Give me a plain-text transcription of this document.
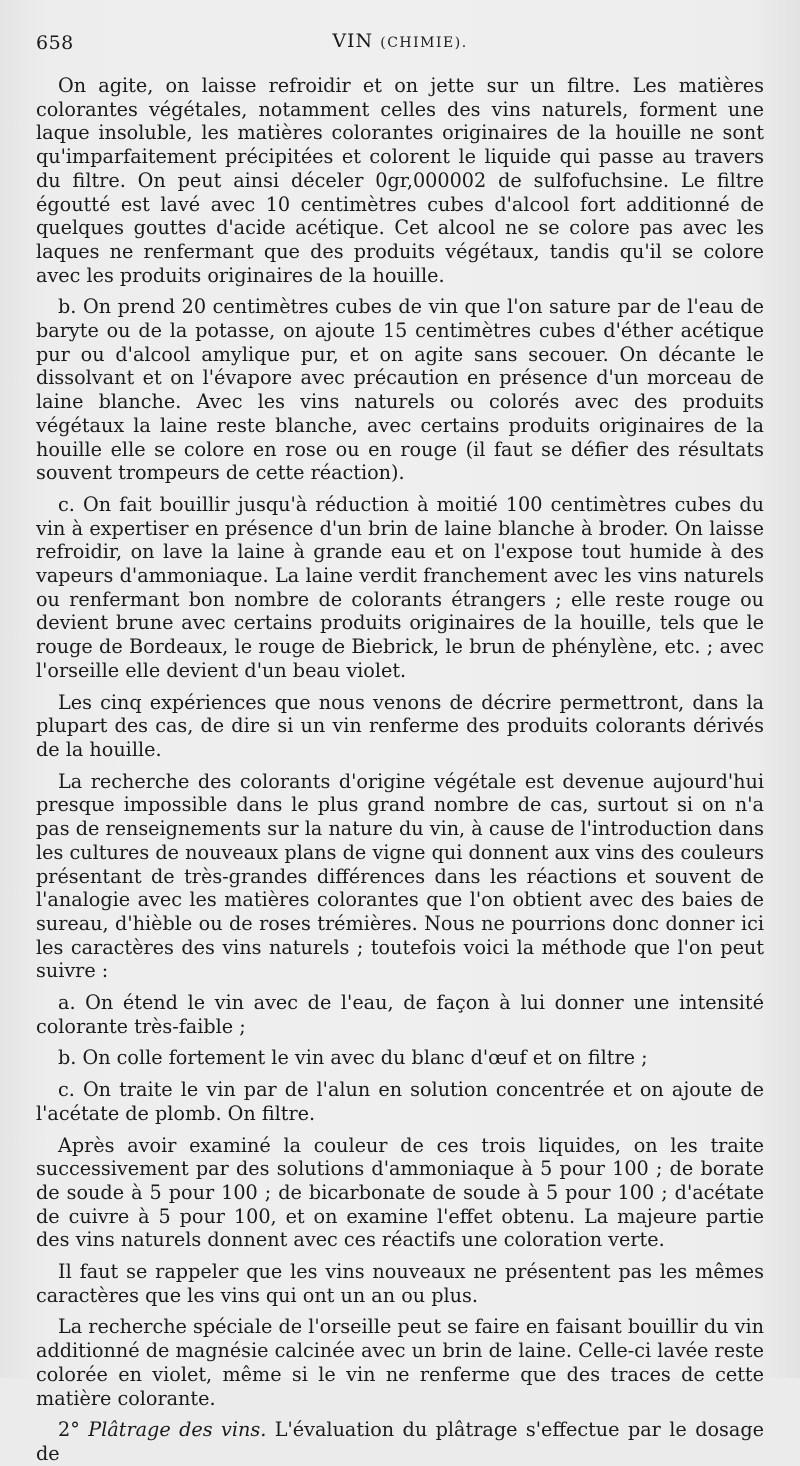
658	VIN (CHIMIE).

On agite, on laisse refroidir et on jette sur un filtre. Les matières colorantes végétales, notamment celles des vins naturels, forment une laque insoluble, les matières colorantes originaires de la houille ne sont qu'imparfaitement précipitées et colorent le liquide qui passe au travers du filtre. On peut ainsi déceler 0gr,000002 de sulfofuchsine. Le filtre égoutté est lavé avec 10 centimètres cubes d'alcool fort additionné de quelques gouttes d'acide acétique. Cet alcool ne se colore pas avec les laques ne renfermant que des produits végétaux, tandis qu'il se colore avec les produits originaires de la houille.

b. On prend 20 centimètres cubes de vin que l'on sature par de l'eau de baryte ou de la potasse, on ajoute 15 centimètres cubes d'éther acétique pur ou d'alcool amylique pur, et on agite sans secouer. On décante le dissolvant et on l'évapore avec précaution en présence d'un morceau de laine blanche. Avec les vins naturels ou colorés avec des produits végétaux la laine reste blanche, avec certains produits originaires de la houille elle se colore en rose ou en rouge (il faut se défier des résultats souvent trompeurs de cette réaction).

c. On fait bouillir jusqu'à réduction à moitié 100 centimètres cubes du vin à expertiser en présence d'un brin de laine blanche à broder. On laisse refroidir, on lave la laine à grande eau et on l'expose tout humide à des vapeurs d'ammoniaque. La laine verdit franchement avec les vins naturels ou renfermant bon nombre de colorants étrangers ; elle reste rouge ou devient brune avec certains produits originaires de la houille, tels que le rouge de Bordeaux, le rouge de Biebrick, le brun de phénylène, etc. ; avec l'orseille elle devient d'un beau violet.

Les cinq expériences que nous venons de décrire permettront, dans la plupart des cas, de dire si un vin renferme des produits colorants dérivés de la houille.

La recherche des colorants d'origine végétale est devenue aujourd'hui presque impossible dans le plus grand nombre de cas, surtout si on n'a pas de renseignements sur la nature du vin, à cause de l'introduction dans les cultures de nouveaux plans de vigne qui donnent aux vins des couleurs présentant de très-grandes différences dans les réactions et souvent de l'analogie avec les matières colorantes que l'on obtient avec des baies de sureau, d'hièble ou de roses trémières. Nous ne pourrions donc donner ici les caractères des vins naturels ; toutefois voici la méthode que l'on peut suivre :

a. On étend le vin avec de l'eau, de façon à lui donner une intensité colorante très-faible ;

b. On colle fortement le vin avec du blanc d'œuf et on filtre ;

c. On traite le vin par de l'alun en solution concentrée et on ajoute de l'acétate de plomb. On filtre.

Après avoir examiné la couleur de ces trois liquides, on les traite successivement par des solutions d'ammoniaque à 5 pour 100 ; de borate de soude à 5 pour 100 ; de bicarbonate de soude à 5 pour 100 ; d'acétate de cuivre à 5 pour 100, et on examine l'effet obtenu. La majeure partie des vins naturels donnent avec ces réactifs une coloration verte.

Il faut se rappeler que les vins nouveaux ne présentent pas les mêmes caractères que les vins qui ont un an ou plus.

La recherche spéciale de l'orseille peut se faire en faisant bouillir du vin additionné de magnésie calcinée avec un brin de laine. Celle-ci lavée reste colorée en violet, même si le vin ne renferme que des traces de cette matière colorante.

2° Plâtrage des vins. L'évaluation du plâtrage s'effectue par le dosage de
